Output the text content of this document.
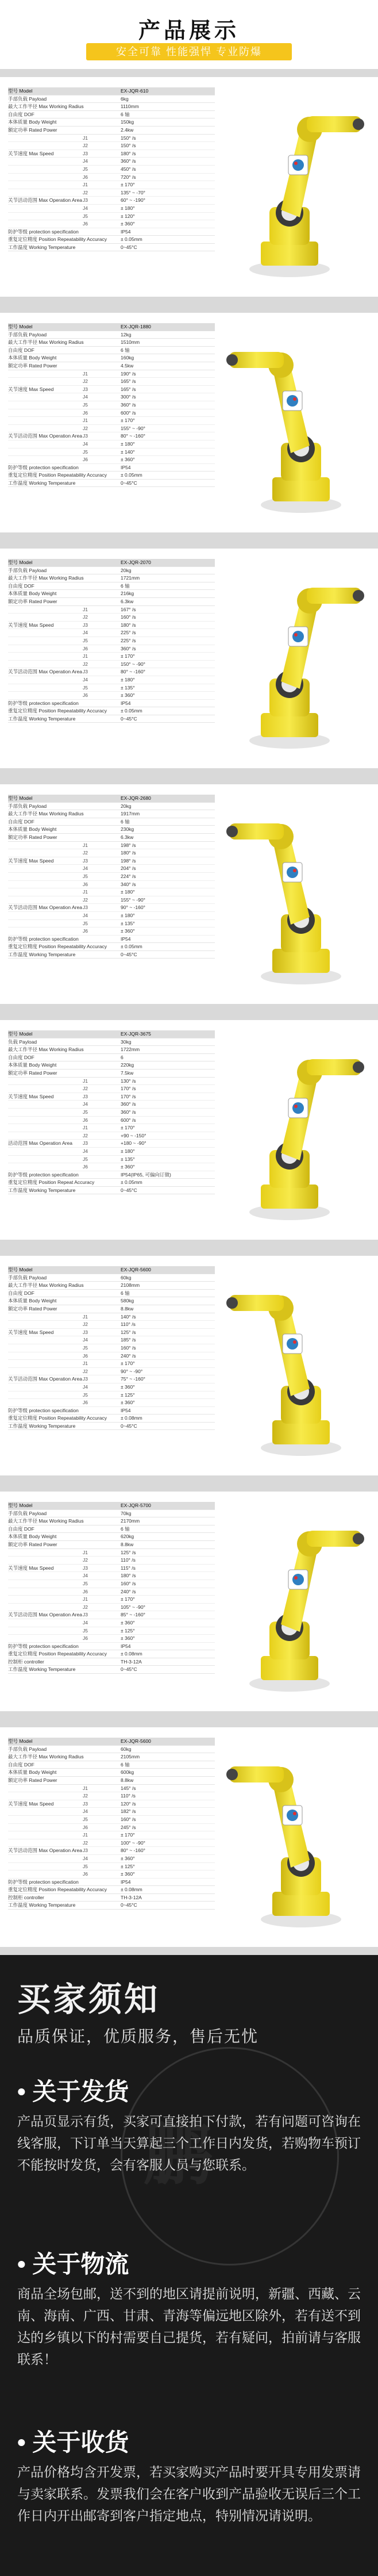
产品展示
安全可靠 性能强悍 专业防爆
型号 Model	EX-JQR-610
手部负载 Payload	6kg
最大工作半径 Max Working Radius	1110mm
自由度 DOF	6 轴
本体质量 Body Weight	150kg
额定功率 Rated Power	2.4kw
J1	150° /s
J2	150° /s
关节速度 Max Speed	J3	180° /s
J4	360° /s
J5	450° /s
J6	720° /s
J1	± 170°
J2	135° ~ -70°
关节活动范围 Max Operation Area J3	60° ~ -190°
J4	± 180°
J5	± 120°
J6	± 360°
防护等级 protection specification	IP54
重复定位精度 Position Repeatability Accuracy	± 0.05mm
工作温度 Working Temperature	0~45°C
型号 Model	EX-JQR-1880
手部负载 Payload	12kg
最大工作半径 Max Working Radius	1510mm
自由度 DOF	6 轴
本体质量 Body Weight	160kg
额定功率 Rated Power	4.5kw
J1	190° /s
J2	165° /s
关节速度 Max Speed	J3	165° /s
J4	300° /s
J5	360° /s
J6	600° /s
J1	± 170°
J2	155° ~ -90°
关节活动范围 Max Operation Area J3	80° ~ -160°
J4	± 180°
J5	± 140°
J6	± 360°
防护等级 protection specification	IP54
重复定位精度 Position Repeatability Accuracy	± 0.05mm
工作温度 Working Temperature	0~45°C
型号 Model	EX-JQR-2070
手部负载 Payload	20kg
最大工作半径 Max Working Radius	1721mm
自由度 DOF	6 轴
本体质量 Body Weight	216kg
额定功率 Rated Power	6.3kw
J1	167° /s
J2	160° /s
关节速度 Max Speed	J3	180° /s
J4	225° /s
J5	225° /s
J6	360° /s
J1	± 170°
J2	150° ~ -90°
关节活动范围 Max Operation Area J3	80° ~ -160°
J4	± 180°
J5	± 135°
J6	± 360°
防护等级 protection specification	IP54
重复定位精度 Position Repeatability Accuracy	± 0.05mm
工作温度 Working Temperature	0~45°C
型号 Model	EX-JQR-2680
手部负载 Payload	20kg
最大工作半径 Max Working Radius	1917mm
自由度 DOF	6 轴
本体质量 Body Weight	230kg
额定功率 Rated Power	6.3kw
J1	198° /s
J2	180° /s
关节速度 Max Speed	J3	198° /s
J4	204° /s
J5	224° /s
J6	340° /s
J1	± 180°
J2	155° ~ -90°
关节活动范围 Max Operation Area J3	90° ~ -160°
J4	± 180°
J5	± 135°
J6	± 360°
防护等级 protection specification	IP54
重复定位精度 Position Repeatability Accuracy	± 0.05mm
工作温度 Working Temperature	0~45°C
型号 Model	EX-JQR-3675
负载 Payload	30kg
最大工作半径 Max Working Radius	1722mm
自由度 DOF	6
本体质量 Body Weight	220kg
额定功率 Rated Power	7.5kw
J1	130° /s
J2	170° /s
关节速度 Max Speed	J3	170° /s
J4	360° /s
J5	360° /s
J6	600° /s
J1	± 170°
J2	+90 ~ -150°
活动范围 Max Operation Area	J3	+180 ~ -90°
J4	± 180°
J5	± 135°
J6	± 360°
防护等级 protection specification	IP54(IP65, 可偏向订做)
重复定位精度 Position Repeat Accuracy	± 0.05mm
工作温度 Working Temperature	0~45°C
型号 Model	EX-JQR-5600
手部负载 Payload	60kg
最大工作半径 Max Working Radius	2108mm
自由度 DOF	6 轴
本体质量 Body Weight	580kg
额定功率 Rated Power	8.8kw
J1	140° /s
J2	110° /s
关节速度 Max Speed	J3	125° /s
J4	185° /s
J5	160° /s
J6	240° /s
J1	± 170°
J2	90° ~ -90°
关节活动范围 Max Operation Area J3	75° ~ -160°
J4	± 360°
J5	± 125°
J6	± 360°
防护等级 protection specification	IP54
重复定位精度 Position Repeatability Accuracy	± 0.08mm
工作温度 Working Temperature	0~45°C
型号 Model	EX-JQR-5700
手部负载 Payload	70kg
最大工作半径 Max Working Radius	2170mm
自由度 DOF	6 轴
本体质量 Body Weight	620kg
额定功率 Rated Power	8.8kw
J1	125° /s
J2	110° /s
关节速度 Max Speed	J3	115° /s
J4	180° /s
J5	160° /s
J6	240° /s
J1	± 170°
J2	105° ~ -90°
关节活动范围 Max Operation Area J3	85° ~ -160°
J4	± 360°
J5	± 125°
J6	± 360°
防护等级 protection specification	IP54
重复定位精度 Position Repeatability Accuracy	± 0.08mm
控制柜 controller	TH-3-12A
工作温度 Working Temperature	0~45°C
型号 Model	EX-JQR-5600
手部负载 Payload	60kg
最大工作半径 Max Working Radius	2105mm
自由度 DOF	6 轴
本体质量 Body Weight	600kg
额定功率 Rated Power	8.8kw
J1	145° /s
J2	110° /s
关节速度 Max Speed	J3	120° /s
J4	182° /s
J5	160° /s
J6	245° /s
J1	± 170°
J2	100° ~ -90°
关节活动范围 Max Operation Area J3	80° ~ -160°
J4	± 360°
J5	± 125°
J6	± 360°
防护等级 protection specification	IP54
重复定位精度 Position Repeatability Accuracy	± 0.08mm
控制柜 controller	TH-3-12A
工作温度 Working Temperature	0~45°C
鹏
买家须知
品质保证，优质服务，售后无忧
• 关于发货
产品页显示有货，买家可直接拍下付款，若有问题可咨询在线客服，下订单当天算起三个工作日内发货，若购物车预订不能按时发货，会有客服人员与您联系。
• 关于物流
商品全场包邮，送不到的地区请提前说明，新疆、西藏、云南、海南、广西、甘肃、青海等偏远地区除外，若有送不到达的乡镇以下的村需要自己提货，若有疑问，拍前请与客服联系！
• 关于收货
产品价格均含开发票，若买家购买产品时要开具专用发票请与卖家联系。发票我们会在客户收到产品验收无误后三个工作日内开出邮寄到客户指定地点，特别情况请说明。
